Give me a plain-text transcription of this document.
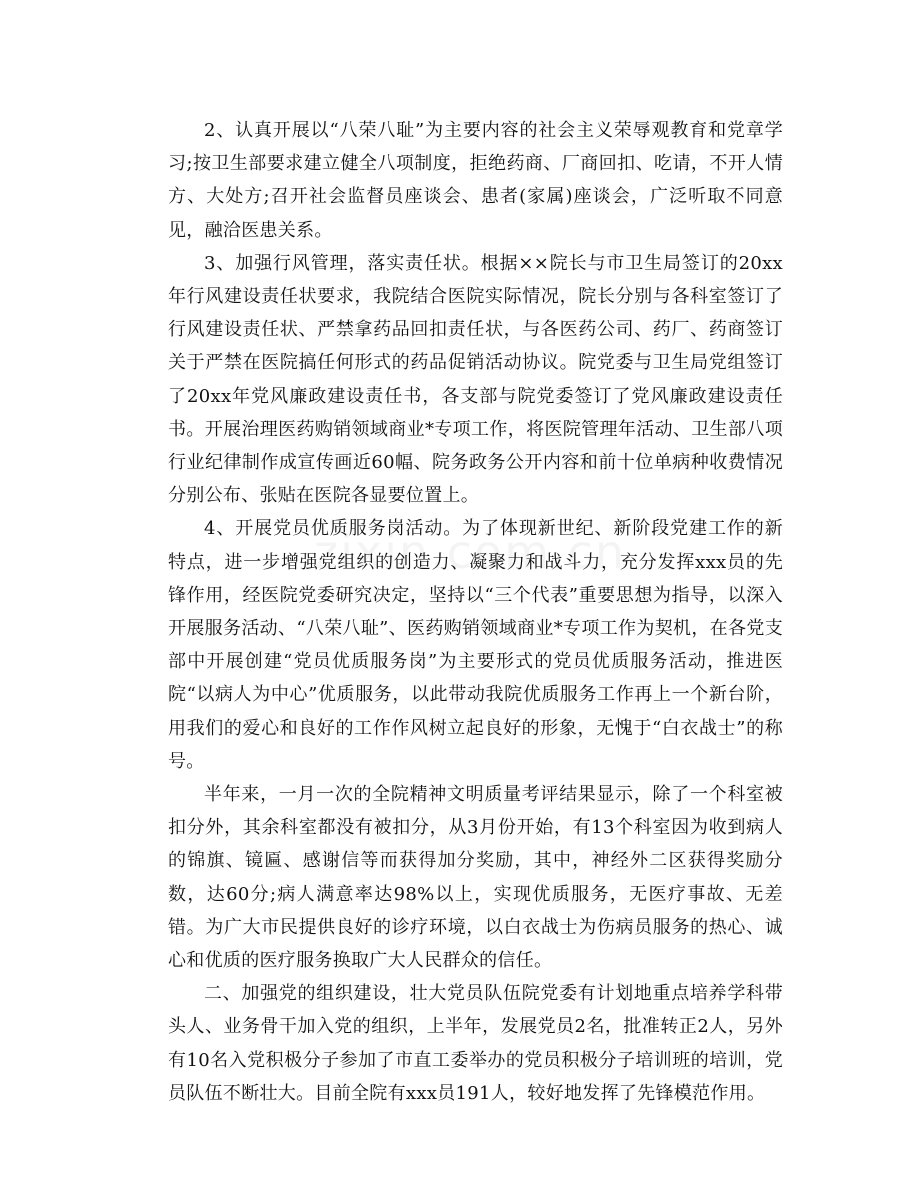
2、认真开展以“八荣八耻”为主要内容的社会主义荣辱观教育和党章学习;按卫生部要求建立健全八项制度，拒绝药商、厂商回扣、吃请，不开人情方、大处方;召开社会监督员座谈会、患者(家属)座谈会，广泛听取不同意见，融洽医患关系。

3、加强行风管理，落实责任状。根据××院长与市卫生局签订的20xx年行风建设责任状要求，我院结合医院实际情况，院长分别与各科室签订了行风建设责任状、严禁拿药品回扣责任状，与各医药公司、药厂、药商签订关于严禁在医院搞任何形式的药品促销活动协议。院党委与卫生局党组签订了20xx年党风廉政建设责任书，各支部与院党委签订了党风廉政建设责任书。开展治理医药购销领域商业*专项工作，将医院管理年活动、卫生部八项行业纪律制作成宣传画近60幅、院务政务公开内容和前十位单病种收费情况分别公布、张贴在医院各显要位置上。

4、开展党员优质服务岗活动。为了体现新世纪、新阶段党建工作的新特点，进一步增强党组织的创造力、凝聚力和战斗力，充分发挥xxx员的先锋作用，经医院党委研究决定，坚持以“三个代表”重要思想为指导，以深入开展服务活动、“八荣八耻”、医药购销领域商业*专项工作为契机，在各党支部中开展创建“党员优质服务岗”为主要形式的党员优质服务活动，推进医院“以病人为中心”优质服务，以此带动我院优质服务工作再上一个新台阶，用我们的爱心和良好的工作作风树立起良好的形象，无愧于“白衣战士”的称号。

半年来，一月一次的全院精神文明质量考评结果显示，除了一个科室被扣分外，其余科室都没有被扣分，从3月份开始，有13个科室因为收到病人的锦旗、镜匾、感谢信等而获得加分奖励，其中，神经外二区获得奖励分数，达60分;病人满意率达98%以上，实现优质服务，无医疗事故、无差错。为广大市民提供良好的诊疗环境，以白衣战士为伤病员服务的热心、诚心和优质的医疗服务换取广大人民群众的信任。

二、加强党的组织建设，壮大党员队伍院党委有计划地重点培养学科带头人、业务骨干加入党的组织，上半年，发展党员2名，批准转正2人，另外有10名入党积极分子参加了市直工委举办的党员积极分子培训班的培训，党员队伍不断壮大。目前全院有xxx员191人，较好地发挥了先锋模范作用。
